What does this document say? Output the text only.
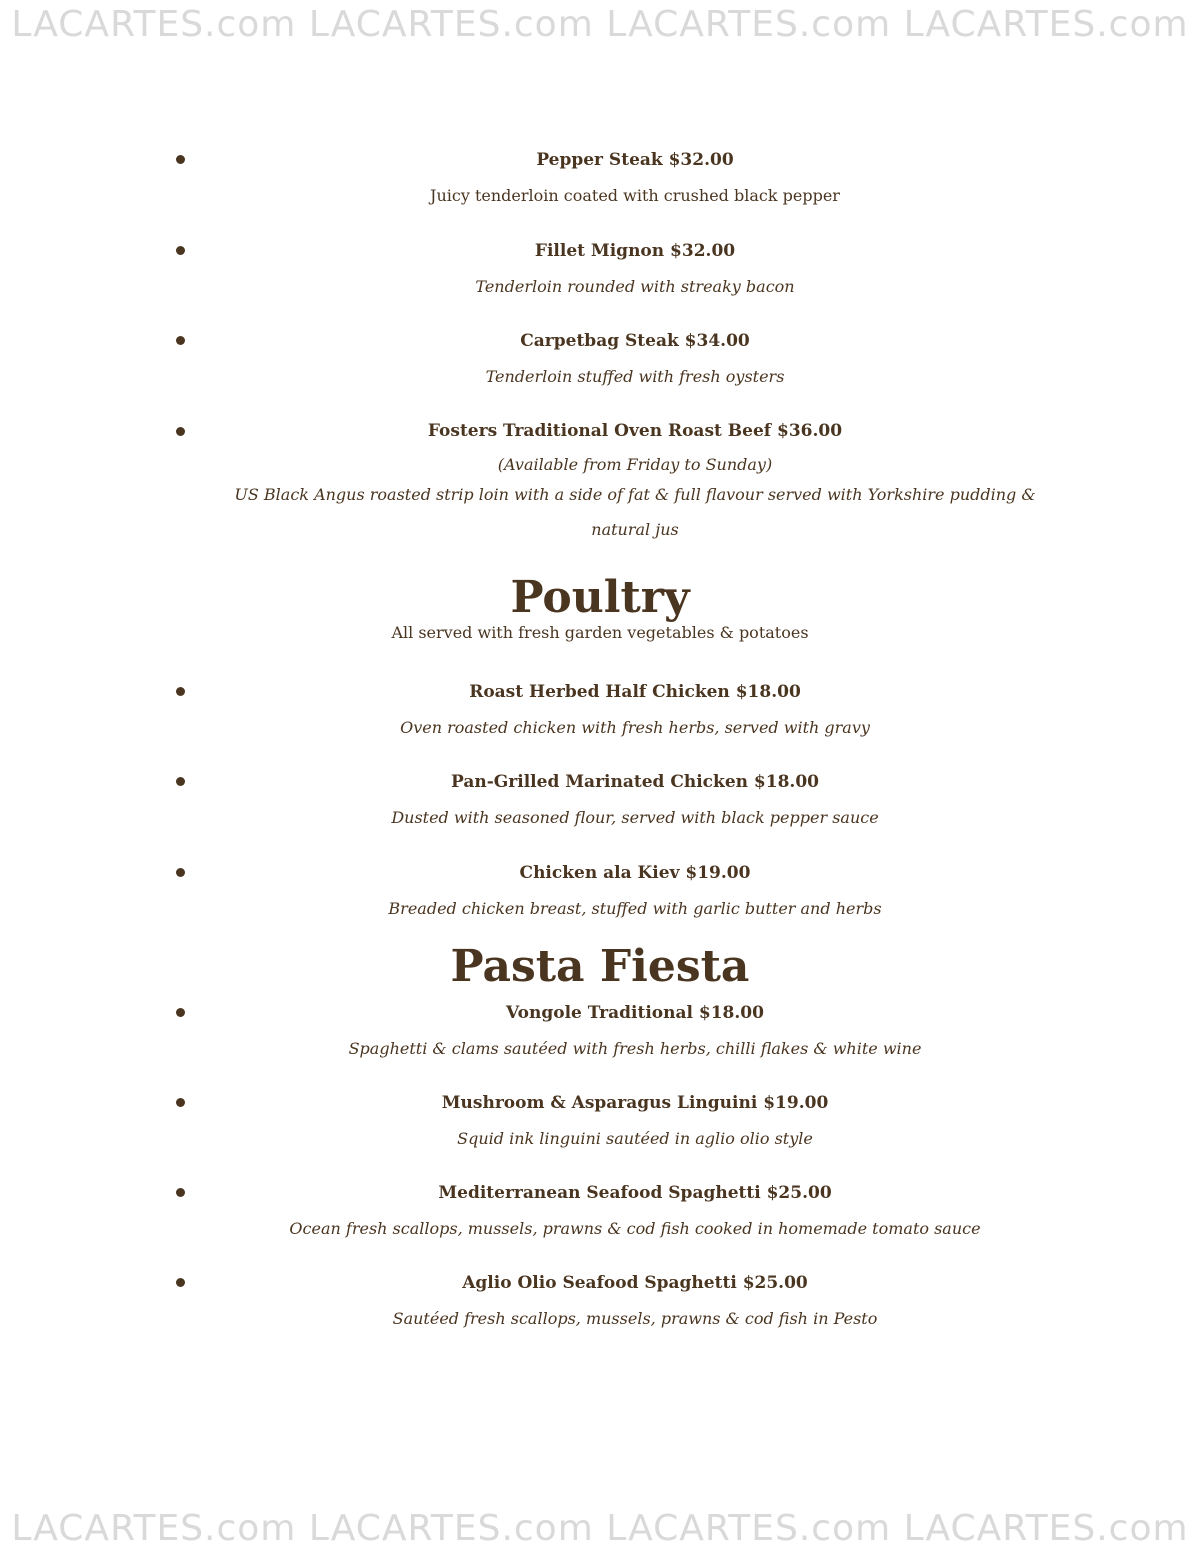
LACARTES.com LACARTES.com LACARTES.com LACARTES.com

Pepper Steak $32.00

Juicy tenderloin coated with crushed black pepper

Fillet Mignon $32.00

Tenderloin rounded with streaky bacon

Carpetbag Steak $34.00

Tenderloin stuffed with fresh oysters

Fosters Traditional Oven Roast Beef $36.00

(Available from Friday to Sunday)

US Black Angus roasted strip loin with a side of fat & full flavour served with Yorkshire pudding & natural jus

Poultry

All served with fresh garden vegetables & potatoes

Roast Herbed Half Chicken $18.00

Oven roasted chicken with fresh herbs, served with gravy

Pan-Grilled Marinated Chicken $18.00

Dusted with seasoned flour, served with black pepper sauce

Chicken ala Kiev $19.00

Breaded chicken breast, stuffed with garlic butter and herbs

Pasta Fiesta

Vongole Traditional $18.00

Spaghetti & clams sautéed with fresh herbs, chilli flakes & white wine

Mushroom & Asparagus Linguini $19.00

Squid ink linguini sautéed in aglio olio style

Mediterranean Seafood Spaghetti $25.00

Ocean fresh scallops, mussels, prawns & cod fish cooked in homemade tomato sauce

Aglio Olio Seafood Spaghetti $25.00

Sautéed fresh scallops, mussels, prawns & cod fish in Pesto

LACARTES.com LACARTES.com LACARTES.com LACARTES.com
